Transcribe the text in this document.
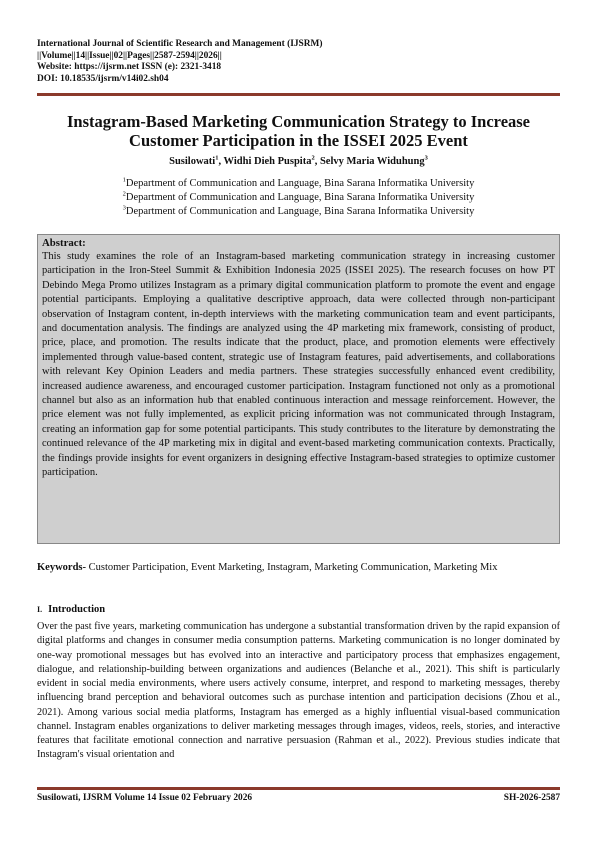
International Journal of Scientific Research and Management (IJSRM)
||Volume||14||Issue||02||Pages||2587-2594||2026||
Website: https://ijsrm.net ISSN (e): 2321-3418
DOI: 10.18535/ijsrm/v14i02.sh04
Instagram-Based Marketing Communication Strategy to Increase
Customer Participation in the ISSEI 2025 Event
Susilowati$^1$, Widhi Dieh Puspita$^2$, Selvy Maria Widuhung$^3$
$^1$Department of Communication and Language, Bina Sarana Informatika University
$^2$Department of Communication and Language, Bina Sarana Informatika University
$^3$Department of Communication and Language, Bina Sarana Informatika University
Abstract:
This study examines the role of an Instagram-based marketing communication strategy in increasing customer participation in the Iron-Steel Summit & Exhibition Indonesia 2025 (ISSEI 2025). The research focuses on how PT Debindo Mega Promo utilizes Instagram as a primary digital communication platform to promote the event and engage potential participants. Employing a qualitative descriptive approach, data were collected through non-participant observation of Instagram content, in-depth interviews with the marketing communication team and event participants, and documentation analysis. The findings are analyzed using the 4P marketing mix framework, consisting of product, price, place, and promotion. The results indicate that the product, place, and promotion elements were effectively implemented through value-based content, strategic use of Instagram features, paid advertisements, and collaborations with relevant Key Opinion Leaders and media partners. These strategies successfully enhanced event credibility, increased audience awareness, and encouraged customer participation. Instagram functioned not only as a promotional channel but also as an information hub that enabled continuous interaction and message reinforcement. However, the price element was not fully implemented, as explicit pricing information was not communicated through Instagram, creating an information gap for some potential participants. This study contributes to the literature by demonstrating the continued relevance of the 4P marketing mix in digital and event-based marketing communication contexts. Practically, the findings provide insights for event organizers in designing effective Instagram-based strategies to optimize customer participation.
Keywords- Customer Participation, Event Marketing, Instagram, Marketing Communication, Marketing Mix
I. Introduction
Over the past five years, marketing communication has undergone a substantial transformation driven by the rapid expansion of digital platforms and changes in consumer media consumption patterns. Marketing communication is no longer dominated by one-way promotional messages but has evolved into an interactive and participatory process that emphasizes engagement, dialogue, and relationship-building between organizations and audiences (Belanche et al., 2021). This shift is particularly evident in social media environments, where users actively consume, interpret, and respond to marketing messages, thereby influencing brand perception and behavioral outcomes such as purchase intention and participation decisions (Zhou et al., 2021). Among various social media platforms, Instagram has emerged as a highly influential visual-based communication channel. Instagram enables organizations to deliver marketing messages through images, videos, reels, stories, and interactive features that facilitate emotional connection and narrative persuasion (Rahman et al., 2022). Previous studies indicate that Instagram's visual orientation and
Susilowati, IJSRM Volume 14 Issue 02 February 2026	SH-2026-2587
